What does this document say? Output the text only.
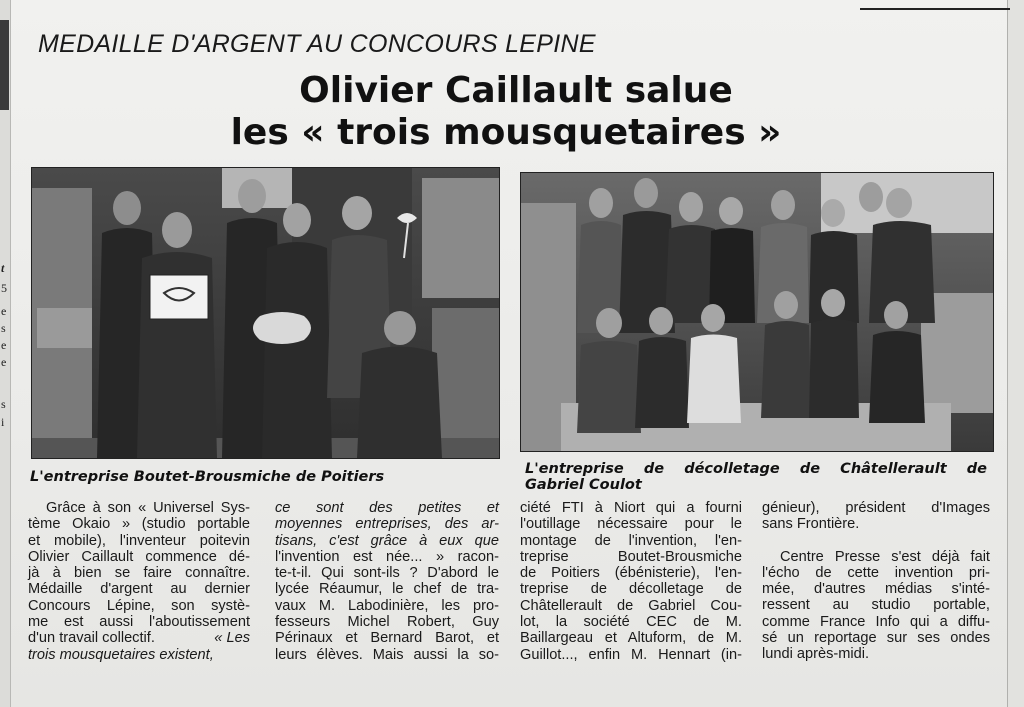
t
5
e
s
e
e
s
i
MEDAILLE D'ARGENT AU CONCOURS LEPINE
Olivier Caillault salue
les « trois mousquetaires »
L'entreprise Boutet-Brousmiche de Poitiers	L'entreprise de décolletage de Châtellerault de
Gabriel Coulot
Grâce à son « Universel Sys-
tème Okaio » (studio portable
et mobile), l'inventeur poitevin
Olivier Caillault commence dé-
jà à bien se faire connaître.
Médaille d'argent au dernier
Concours Lépine, son systè-
me est aussi l'aboutissement
d'un travail collectif.	« Les
trois mousquetaires existent,
ce sont des petites et
moyennes entreprises, des ar-
tisans, c'est grâce à eux que
l'invention est née... » racon-
te-t-il. Qui sont-ils ? D'abord le
lycée Réaumur, le chef de tra-
vaux M. Labodinière, les pro-
fesseurs Michel Robert, Guy
Périnaux et Bernard Barot, et
leurs élèves. Mais aussi la so-
ciété FTI à Niort qui a fourni
l'outillage nécessaire pour le
montage de l'invention, l'en-
treprise Boutet-Brousmiche
de Poitiers (ébénisterie), l'en-
treprise de décolletage de
Châtellerault de Gabriel Cou-
lot, la société CEC de M.
Baillargeau et Altuform, de M.
Guillot..., enfin M. Hennart (in-
génieur), président d'Images
sans Frontière.
Centre Presse s'est déjà fait
l'écho de cette invention pri-
mée, d'autres médias s'inté-
ressent au studio portable,
comme France Info qui a diffu-
sé un reportage sur ses ondes
lundi après-midi.
